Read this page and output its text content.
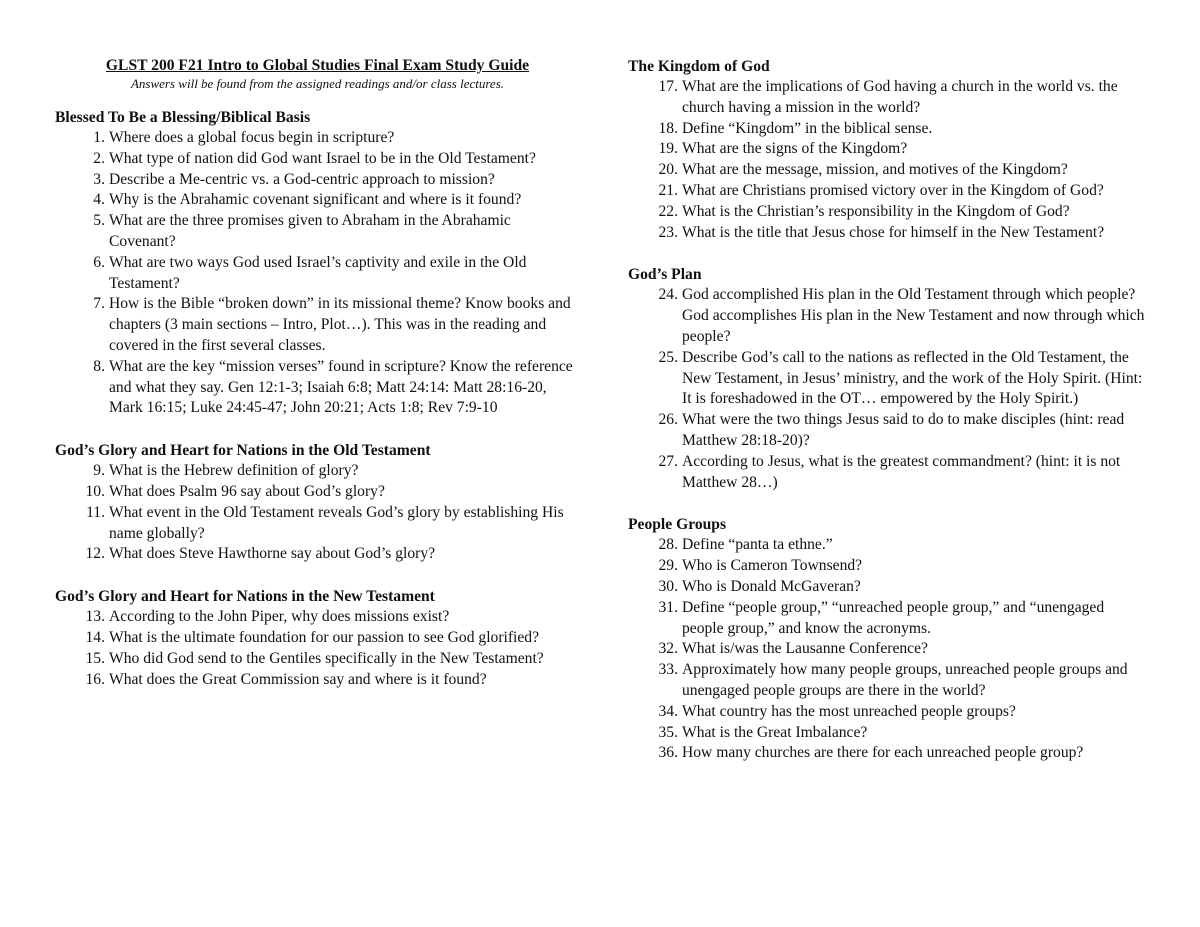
GLST 200 F21 Intro to Global Studies Final Exam Study Guide
Answers will be found from the assigned readings and/or class lectures.
Blessed To Be a Blessing/Biblical Basis
1. Where does a global focus begin in scripture?
2. What type of nation did God want Israel to be in the Old Testament?
3. Describe a Me-centric vs. a God-centric approach to mission?
4. Why is the Abrahamic covenant significant and where is it found?
5. What are the three promises given to Abraham in the Abrahamic Covenant?
6. What are two ways God used Israel’s captivity and exile in the Old Testament?
7. How is the Bible “broken down” in its missional theme? Know books and chapters (3 main sections – Intro, Plot…). This was in the reading and covered in the first several classes.
8. What are the key “mission verses” found in scripture? Know the reference and what they say. Gen 12:1-3; Isaiah 6:8; Matt 24:14: Matt 28:16-20, Mark 16:15; Luke 24:45-47; John 20:21; Acts 1:8; Rev 7:9-10
God’s Glory and Heart for Nations in the Old Testament
9. What is the Hebrew definition of glory?
10. What does Psalm 96 say about God’s glory?
11. What event in the Old Testament reveals God’s glory by establishing His name globally?
12. What does Steve Hawthorne say about God’s glory?
God’s Glory and Heart for Nations in the New Testament
13. According to the John Piper, why does missions exist?
14. What is the ultimate foundation for our passion to see God glorified?
15. Who did God send to the Gentiles specifically in the New Testament?
16. What does the Great Commission say and where is it found?
The Kingdom of God
17. What are the implications of God having a church in the world vs. the church having a mission in the world?
18. Define “Kingdom” in the biblical sense.
19. What are the signs of the Kingdom?
20. What are the message, mission, and motives of the Kingdom?
21. What are Christians promised victory over in the Kingdom of God?
22. What is the Christian’s responsibility in the Kingdom of God?
23. What is the title that Jesus chose for himself in the New Testament?
God’s Plan
24. God accomplished His plan in the Old Testament through which people? God accomplishes His plan in the New Testament and now through which people?
25. Describe God’s call to the nations as reflected in the Old Testament, the New Testament, in Jesus’ ministry, and the work of the Holy Spirit. (Hint: It is foreshadowed in the OT… empowered by the Holy Spirit.)
26. What were the two things Jesus said to do to make disciples (hint: read Matthew 28:18-20)?
27. According to Jesus, what is the greatest commandment? (hint: it is not Matthew 28…)
People Groups
28. Define “panta ta ethne.”
29. Who is Cameron Townsend?
30. Who is Donald McGaveran?
31. Define “people group,” “unreached people group,” and “unengaged people group,” and know the acronyms.
32. What is/was the Lausanne Conference?
33. Approximately how many people groups, unreached people groups and unengaged people groups are there in the world?
34. What country has the most unreached people groups?
35. What is the Great Imbalance?
36. How many churches are there for each unreached people group?
